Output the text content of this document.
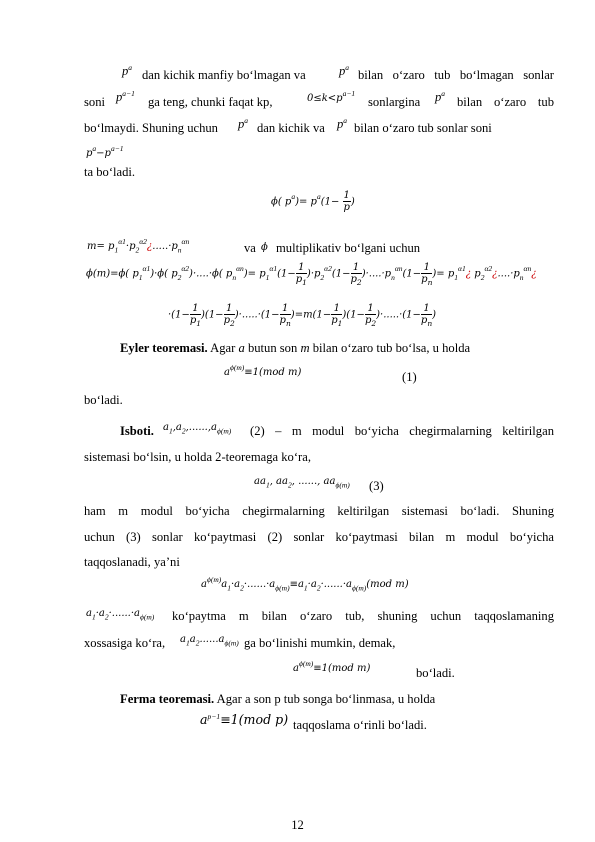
$p^a$
dan kichik manfiy bo‘lmagan va	$p^a$
bilan o‘zaro tub bo‘lmagan sonlar
soni $p^{a-1}$
ga teng, chunki faqat kp,	$0\le k<p^{a-1}$
sonlarginа $p^a$
bilan o‘zaro tub
bo‘lmaydi. Shuning uchun $p^a$
dan kichik va $p^a$
bilan o‘zaro tub sonlar soni
$p^a-p^{a-1}$
ta bo‘ladi.
ϕ( $p^a)= p^a(1- \frac{1}{p}$ )
$m= p_1^{\alpha 1}\cdot p_2^{\alpha 2}¿.....\cdot p_n^{\alpha n}$	va ϕ multiplikativ bo‘lgani uchun
ϕ(m)=ϕ( $p_1^{\alpha 1})\cdot\phi$( $p_2^{\alpha 2})\cdot....\cdot\phi$( $p_n^{\alpha n})= p_1^{\alpha 1}(1- \frac{1}{p_1} )\cdot p_2^{\alpha 2}(1- \frac{1}{p_2} )\cdot....\cdot p_n^{\alpha n}(1- \frac{1}{p_n}$ )= $p_1^{\alpha 1}¿$ $p_2^{\alpha 2}¿....\cdot p_n^{\alpha n}¿$
$\cdot(1- \frac{1}{p_1} )(1- \frac{1}{p_2} )\cdot.....\cdot(1- \frac{1}{p_n} )=m(1- \frac{1}{p_1} )(1- \frac{1}{p_2} )\cdot.....\cdot(1- \frac{1}{p_n}$ )
Eyler teoremasi. Agar a butun son m bilan o‘zaro tub bo‘lsa, u holda
$a^{\phi(m)}\equiv 1(mod$ m)	(1)
bo‘ladi.
Isboti. $a_1,a_2,......,a_{\phi(m)}$ (2) – m modul bo‘yicha chegirmalarning keltirilgan
sistemasi bo‘lsin, u holda 2-teoremaga ko‘ra,
$aa_1$, $aa_2$, ......, $aa_{\phi(m)}$ (3)
ham m modul bo‘yicha chegirmalarning keltirilgan sistemasi bo‘ladi. Shuning
uchun (3) sonlar ko‘paytmasi (2) sonlar ko‘paytmasi bilan m modul bo‘yicha
taqqoslanadi, ya’ni
$a^{\phi(m)}a_1\cdot a_2\cdot......\cdot a_{\phi(m)}\equiv a_1\cdot a_2\cdot......\cdot a_{\phi(m)}(mod$ m)
$a_1\cdot a_2\cdot......\cdot a_{\phi(m)}$ ko‘paytma m bilan o‘zaro tub, shuning uchun taqqoslamaning
xossasiga ko‘ra, $a_1a_2......a_{\phi(m)}$ ga bo‘linishi mumkin, demak,
$a^{\phi(m)}\equiv 1(mod$ m)	bo‘ladi.
Ferma teoremasi. Agar a son p tub songa bo‘linmasa, u holda
$a^{p-1}\equiv 1(mod$ p) taqqoslama o‘rinli bo‘ladi.
12
